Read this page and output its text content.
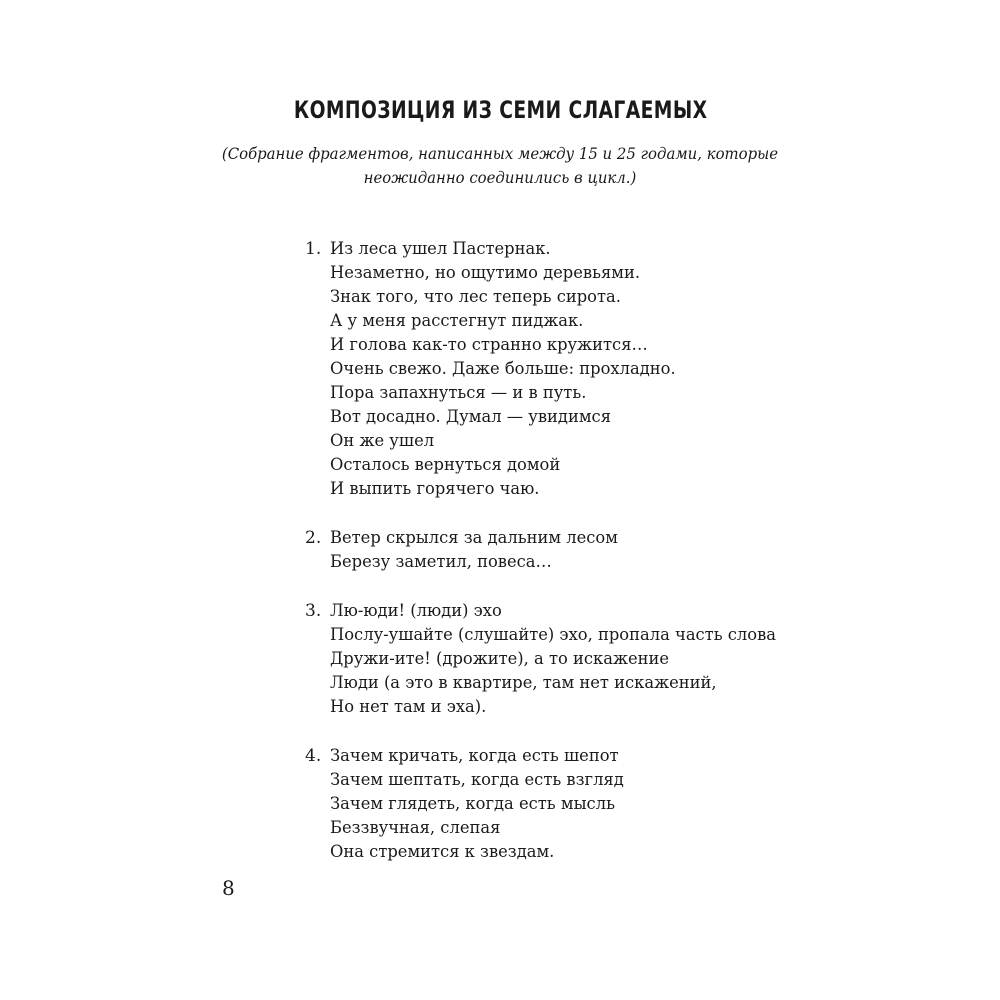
КОМПОЗИЦИЯ ИЗ СЕМИ СЛАГАЕМЫХ
(Собрание фрагментов, написанных между 15 и 25 годами, которые
неожиданно соединились в цикл.)
1. Из леса ушел Пастернак.
Незаметно, но ощутимо деревьями.
Знак того, что лес теперь сирота.
А у меня расстегнут пиджак.
И голова как-то странно кружится…
Очень свежо. Даже больше: прохладно.
Пора запахнуться — и в путь.
Вот досадно. Думал — увидимся
Он же ушел
Осталось вернуться домой
И выпить горячего чаю.
2. Ветер скрылся за дальним лесом
Березу заметил, повеса…
3. Лю-юди! (люди) эхо
Послу-ушайте (слушайте) эхо, пропала часть слова
Дружи-ите! (дрожите), а то искажение
Люди (а это в квартире, там нет искажений,
Но нет там и эха).
4. Зачем кричать, когда есть шепот
Зачем шептать, когда есть взгляд
Зачем глядеть, когда есть мысль
Беззвучная, слепая
Она стремится к звездам.
8
